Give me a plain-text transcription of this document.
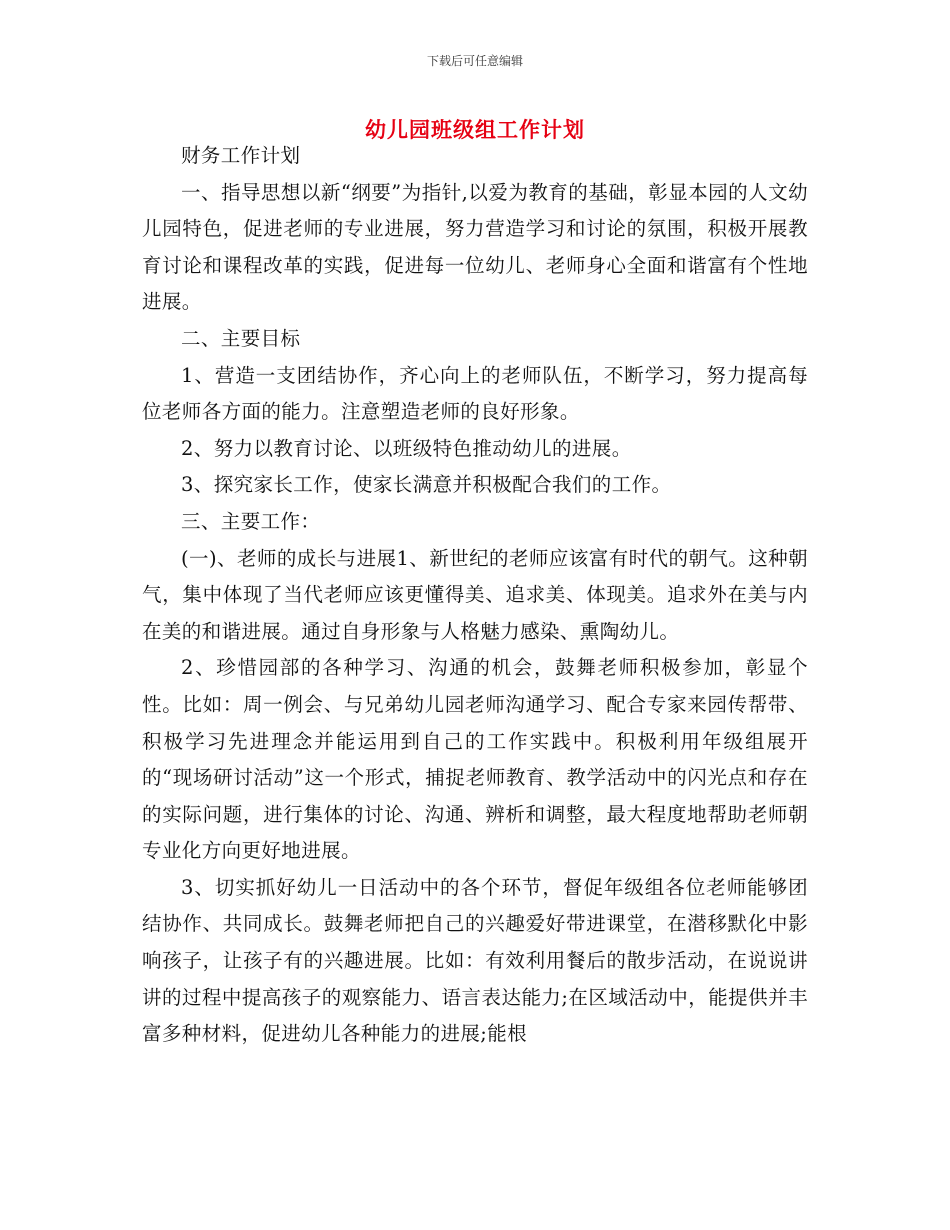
下载后可任意编辑
幼儿园班级组工作计划

财务工作计划

一、指导思想以新“纲要”为指针,以爱为教育的基础，彰显本园的人文幼儿园特色，促进老师的专业进展，努力营造学习和讨论的氛围，积极开展教育讨论和课程改革的实践，促进每一位幼儿、老师身心全面和谐富有个性地进展。

二、主要目标

1、营造一支团结协作，齐心向上的老师队伍，不断学习，努力提高每位老师各方面的能力。注意塑造老师的良好形象。

2、努力以教育讨论、以班级特色推动幼儿的进展。

3、探究家长工作，使家长满意并积极配合我们的工作。

三、主要工作：

(一)、老师的成长与进展1、新世纪的老师应该富有时代的朝气。这种朝气，集中体现了当代老师应该更懂得美、追求美、体现美。追求外在美与内在美的和谐进展。通过自身形象与人格魅力感染、熏陶幼儿。

2、珍惜园部的各种学习、沟通的机会，鼓舞老师积极参加，彰显个性。比如：周一例会、与兄弟幼儿园老师沟通学习、配合专家来园传帮带、积极学习先进理念并能运用到自己的工作实践中。积极利用年级组展开的“现场研讨活动”这一个形式，捕捉老师教育、教学活动中的闪光点和存在的实际问题，进行集体的讨论、沟通、辨析和调整，最大程度地帮助老师朝专业化方向更好地进展。

3、切实抓好幼儿一日活动中的各个环节，督促年级组各位老师能够团结协作、共同成长。鼓舞老师把自己的兴趣爱好带进课堂，在潜移默化中影响孩子，让孩子有的兴趣进展。比如：有效利用餐后的散步活动，在说说讲讲的过程中提高孩子的观察能力、语言表达能力;在区域活动中，能提供并丰富多种材料，促进幼儿各种能力的进展;能根
